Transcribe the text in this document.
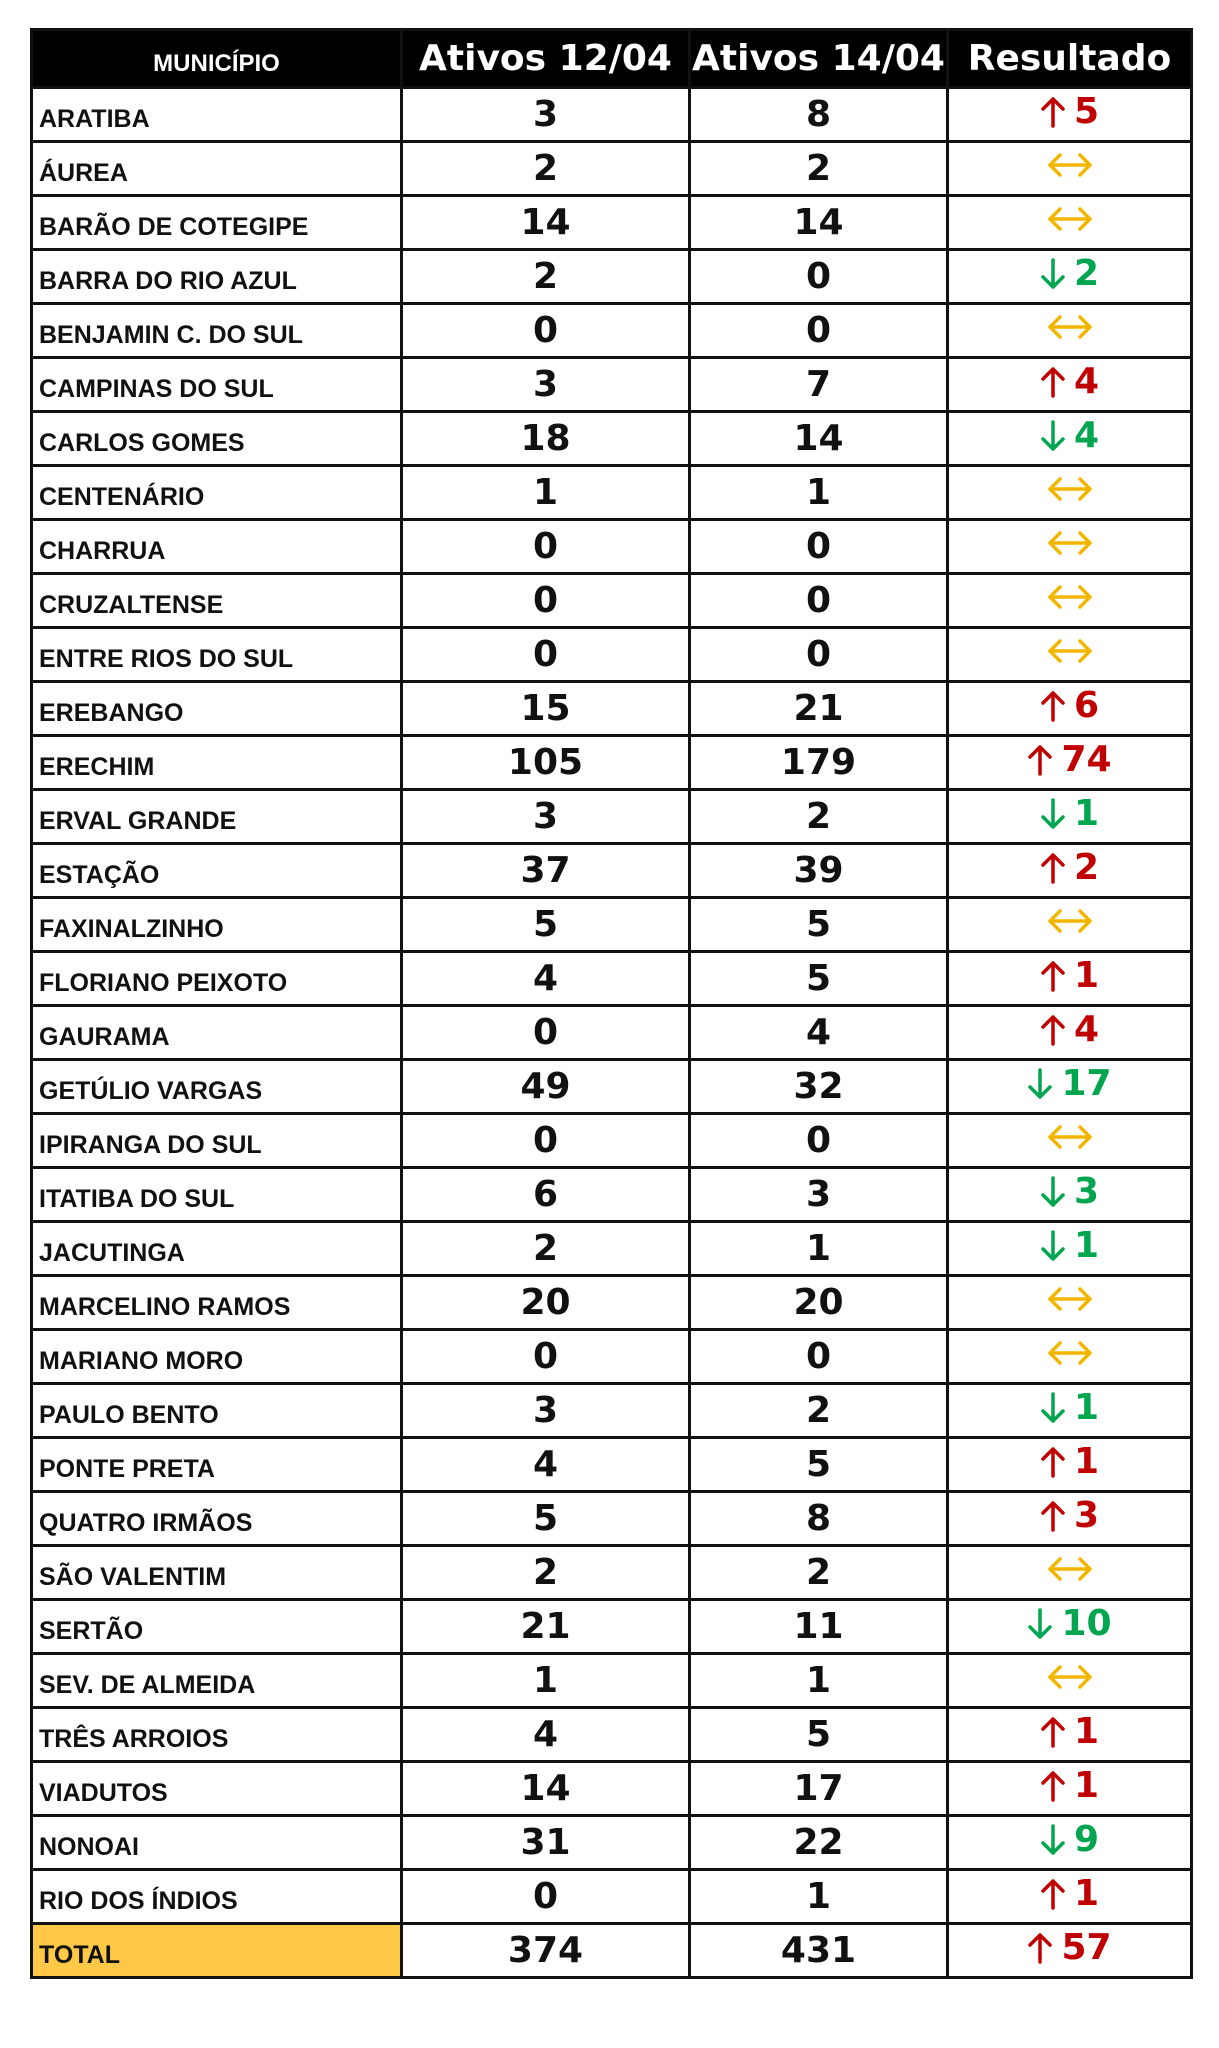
MUNICÍPIO	Ativos 12/04	Ativos 14/04	Resultado
ARATIBA	3	8	5

ÁUREA	2	2	

BARÃO DE COTEGIPE	14	14	

BARRA DO RIO AZUL	2	0	2

BENJAMIN C. DO SUL	0	0	

CAMPINAS DO SUL	3	7	4

CARLOS GOMES	18	14	4

CENTENÁRIO	1	1	

CHARRUA	0	0	

CRUZALTENSE	0	0	

ENTRE RIOS DO SUL	0	0	

EREBANGO	15	21	6

ERECHIM	105	179	74

ERVAL GRANDE	3	2	1

ESTAÇÃO	37	39	2

FAXINALZINHO	5	5	

FLORIANO PEIXOTO	4	5	1

GAURAMA	0	4	4

GETÚLIO VARGAS	49	32	17

IPIRANGA DO SUL	0	0	

ITATIBA DO SUL	6	3	3

JACUTINGA	2	1	1

MARCELINO RAMOS	20	20	

MARIANO MORO	0	0	

PAULO BENTO	3	2	1

PONTE PRETA	4	5	1

QUATRO IRMÃOS	5	8	3

SÃO VALENTIM	2	2	

SERTÃO	21	11	10

SEV. DE ALMEIDA	1	1	

TRÊS ARROIOS	4	5	1

VIADUTOS	14	17	1

NONOAI	31	22	9

RIO DOS ÍNDIOS	0	1	1

TOTAL	374	431	57
